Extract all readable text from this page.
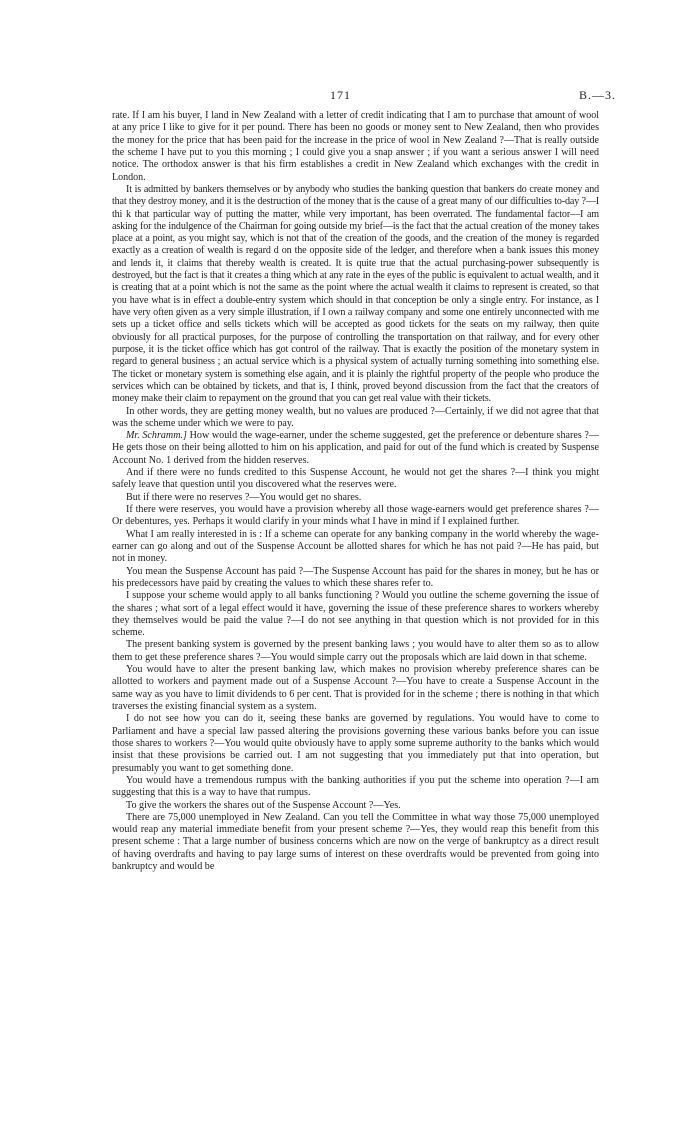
171	B.—3.

rate. If I am his buyer, I land in New Zealand with a letter of credit indicating that I am to purchase that amount of wool at any price I like to give for it per pound. There has been no goods or money sent to New Zealand, then who provides the money for the price that has been paid for the increase in the price of wool in New Zealand ?—That is really outside the scheme I have put to you this morning ; I could give you a snap answer ; if you want a serious answer I will need notice. The orthodox answer is that his firm establishes a credit in New Zealand which exchanges with the credit in London.

It is admitted by bankers themselves or by anybody who studies the banking question that bankers do create money and that they destroy money, and it is the destruction of the money that is the cause of a great many of our difficulties to-day ?—I thi k that particular way of putting the matter, while very important, has been overrated. The fundamental factor—I am asking for the indulgence of the Chairman for going outside my brief—is the fact that the actual creation of the money takes place at a point, as you might say, which is not that of the creation of the goods, and the creation of the money is regarded exactly as a creation of wealth is regard d on the opposite side of the ledger, and therefore when a bank issues this money and lends it, it claims that thereby wealth is created. It is quite true that the actual purchasing-power subsequently is destroyed, but the fact is that it creates a thing which at any rate in the eyes of the public is equivalent to actual wealth, and it is creating that at a point which is not the same as the point where the actual wealth it claims to represent is created, so that you have what is in effect a double-entry system which should in that conception be only a single entry. For instance, as I have very often given as a very simple illustration, if I own a railway company and some one entirely unconnected with me sets up a ticket office and sells tickets which will be accepted as good tickets for the seats on my railway, then quite obviously for all practical purposes, for the purpose of controlling the transportation on that railway, and for every other purpose, it is the ticket office which has got control of the railway. That is exactly the position of the monetary system in regard to general business ; an actual service which is a physical system of actually turning something into something else. The ticket or monetary system is something else again, and it is plainly the rightful property of the people who produce the services which can be obtained by tickets, and that is, I think, proved beyond discussion from the fact that the creators of money make their claim to repayment on the ground that you can get real value with their tickets.

In other words, they are getting money wealth, but no values are produced ?—Certainly, if we did not agree that that was the scheme under which we were to pay.

Mr. Schramm.] How would the wage-earner, under the scheme suggested, get the preference or debenture shares ?—He gets those on their being allotted to him on his application, and paid for out of the fund which is created by Suspense Account No. 1 derived from the hidden reserves.

And if there were no funds credited to this Suspense Account, he would not get the shares ?—I think you might safely leave that question until you discovered what the reserves were.

But if there were no reserves ?—You would get no shares.

If there were reserves, you would have a provision whereby all those wage-earners would get preference shares ?—Or debentures, yes. Perhaps it would clarify in your minds what I have in mind if I explained further.

What I am really interested in is : If a scheme can operate for any banking company in the world whereby the wage-earner can go along and out of the Suspense Account be allotted shares for which he has not paid ?—He has paid, but not in money.

You mean the Suspense Account has paid ?—The Suspense Account has paid for the shares in money, but he has or his predecessors have paid by creating the values to which these shares refer to.

I suppose your scheme would apply to all banks functioning ? Would you outline the scheme governing the issue of the shares ; what sort of a legal effect would it have, governing the issue of these preference shares to workers whereby they themselves would be paid the value ?—I do not see anything in that question which is not provided for in this scheme.

The present banking system is governed by the present banking laws ; you would have to alter them so as to allow them to get these preference shares ?—You would simple carry out the proposals which are laid down in that scheme.

You would have to alter the present banking law, which makes no provision whereby preference shares can be allotted to workers and payment made out of a Suspense Account ?—You have to create a Suspense Account in the same way as you have to limit dividends to 6 per cent. That is provided for in the scheme ; there is nothing in that which traverses the existing financial system as a system.

I do not see how you can do it, seeing these banks are governed by regulations. You would have to come to Parliament and have a special law passed altering the provisions governing these various banks before you can issue those shares to workers ?—You would quite obviously have to apply some supreme authority to the banks which would insist that these provisions be carried out. I am not suggesting that you immediately put that into operation, but presumably you want to get something done.

You would have a tremendous rumpus with the banking authorities if you put the scheme into operation ?—I am suggesting that this is a way to have that rumpus.

To give the workers the shares out of the Suspense Account ?—Yes.

There are 75,000 unemployed in New Zealand. Can you tell the Committee in what way those 75,000 unemployed would reap any material immediate benefit from your present scheme ?—Yes, they would reap this benefit from this present scheme : That a large number of business concerns which are now on the verge of bankruptcy as a direct result of having overdrafts and having to pay large sums of interest on these overdrafts would be prevented from going into bankruptcy and would be
